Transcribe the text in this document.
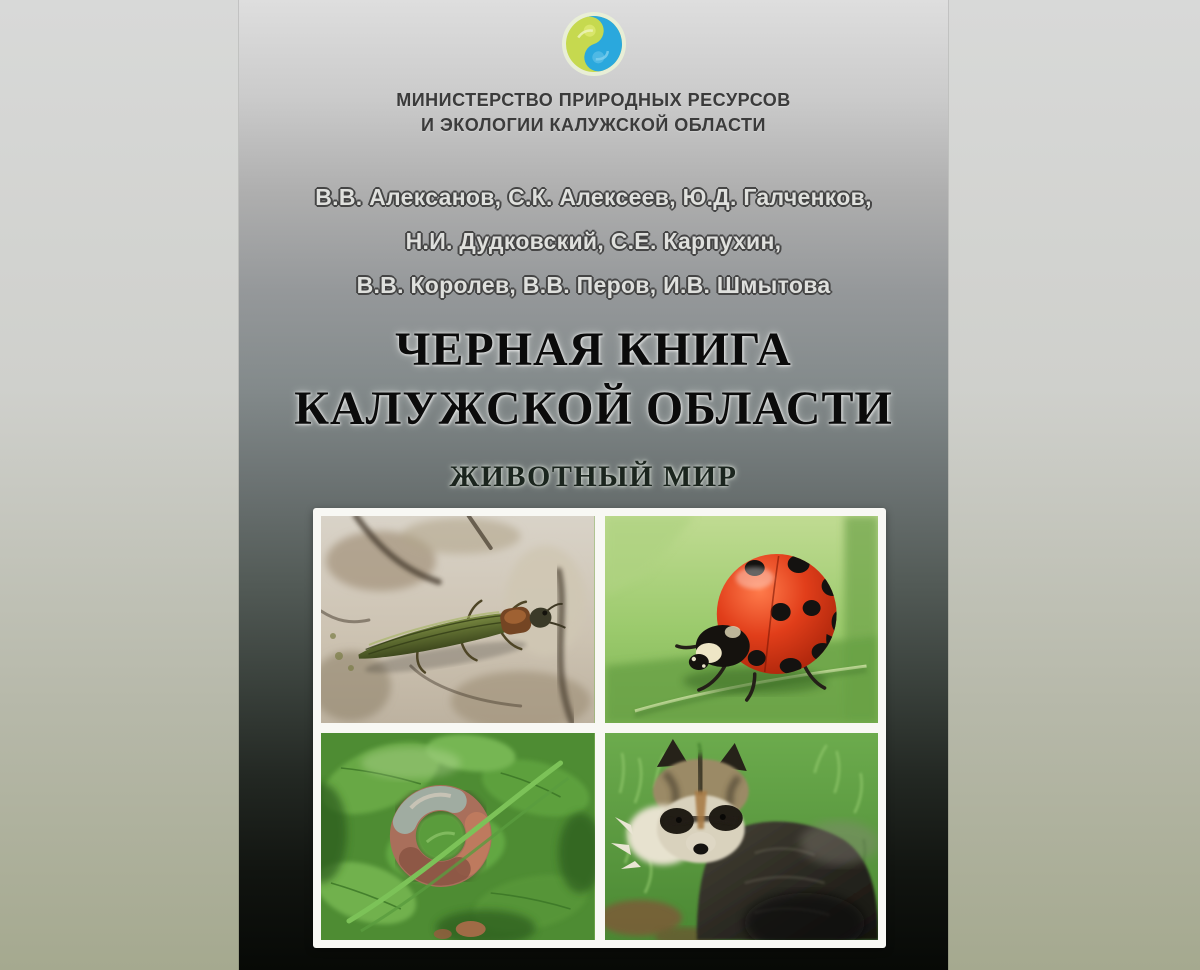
МИНИСТЕРСТВО ПРИРОДНЫХ РЕСУРСОВ
И ЭКОЛОГИИ КАЛУЖСКОЙ ОБЛАСТИ
В.В. Алексанов, С.К. Алексеев, Ю.Д. Галченков,
Н.И. Дудковский, С.Е. Карпухин,
В.В. Королев, В.В. Перов, И.В. Шмытова
ЧЕРНАЯ КНИГА
КАЛУЖСКОЙ ОБЛАСТИ
ЖИВОТНЫЙ МИР
